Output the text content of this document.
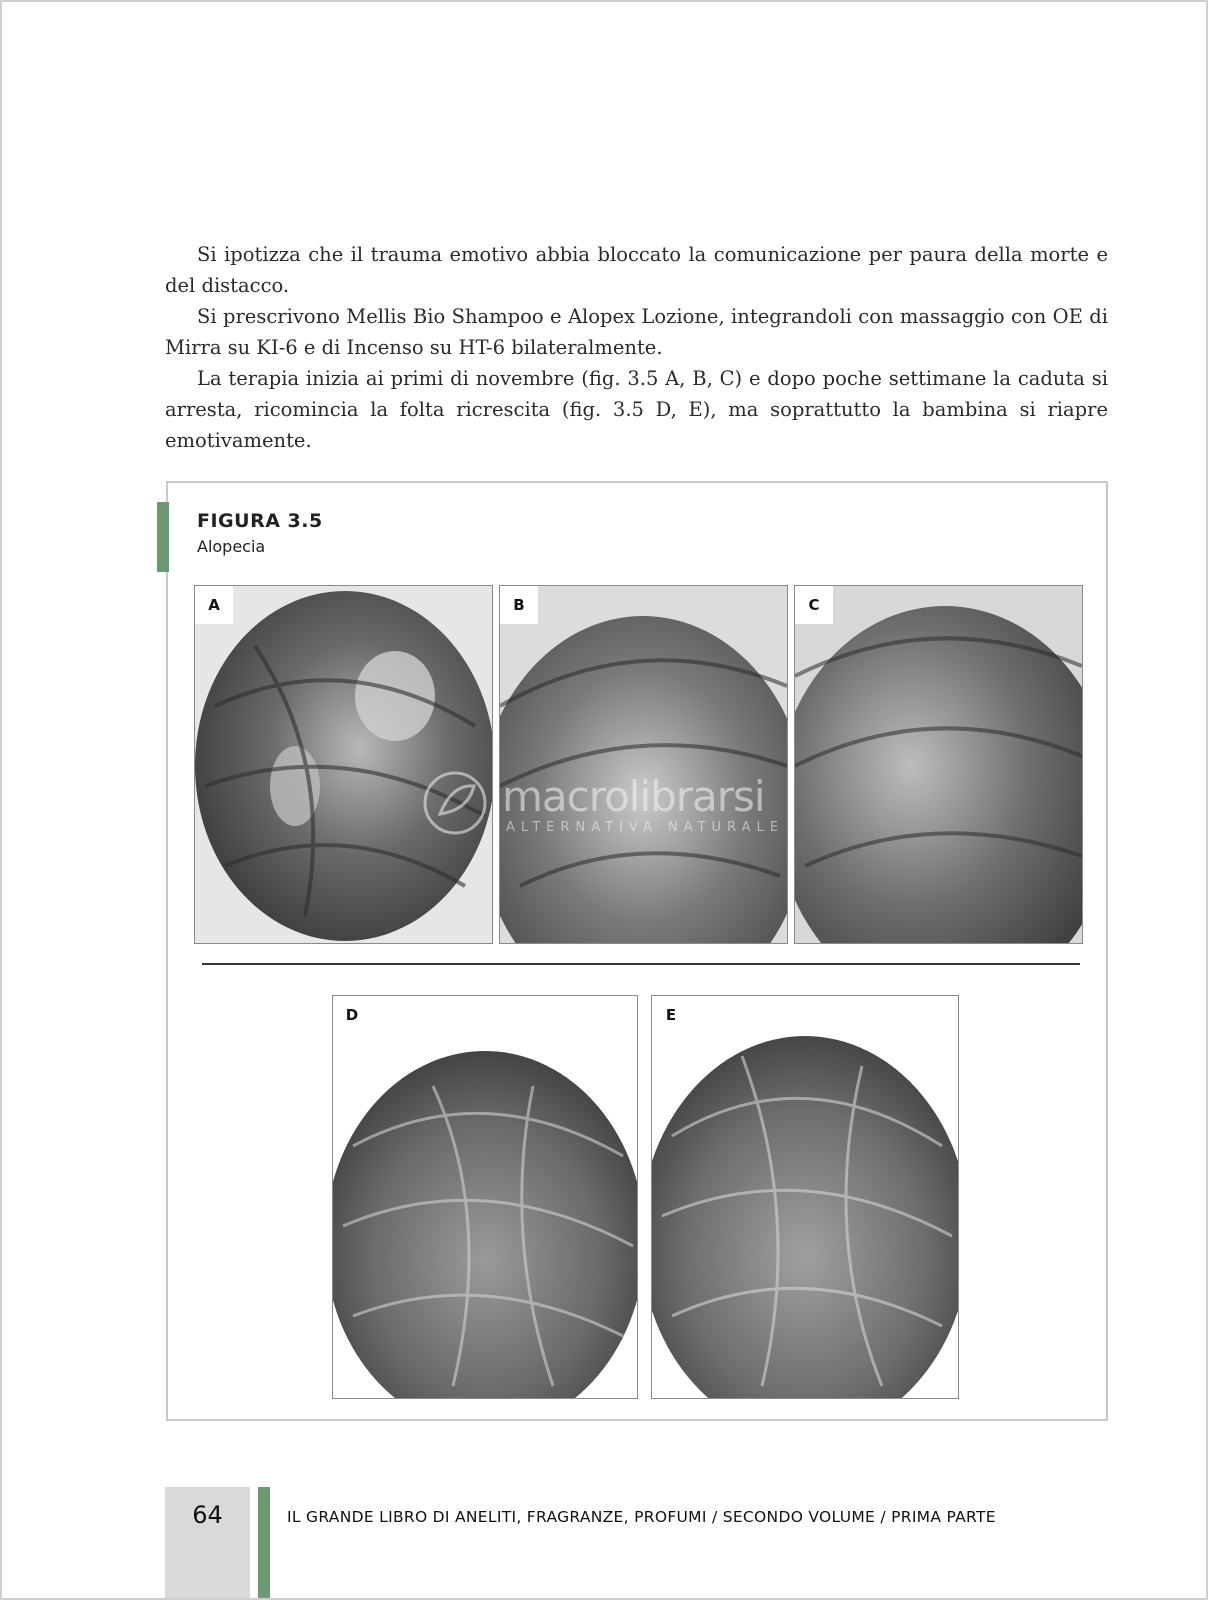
Si ipotizza che il trauma emotivo abbia bloccato la comunicazione per paura della morte e del distacco.

Si prescrivono Mellis Bio Shampoo e Alopex Lozione, integrandoli con massaggio con OE di Mirra su KI-6 e di Incenso su HT-6 bilateralmente.

La terapia inizia ai primi di novembre (fig. 3.5 A, B, C) e dopo poche settimane la caduta si arresta, ricomincia la folta ricrescita (fig. 3.5 D, E), ma soprattutto la bambina si riapre emotivamente.

FIGURA 3.5
Alopecia
A	B	C
D	E
macrolibrarsi
ALTERNATIVA NATURALE
64	IL GRANDE LIBRO DI ANELITI, FRAGRANZE, PROFUMI / SECONDO VOLUME / PRIMA PARTE
